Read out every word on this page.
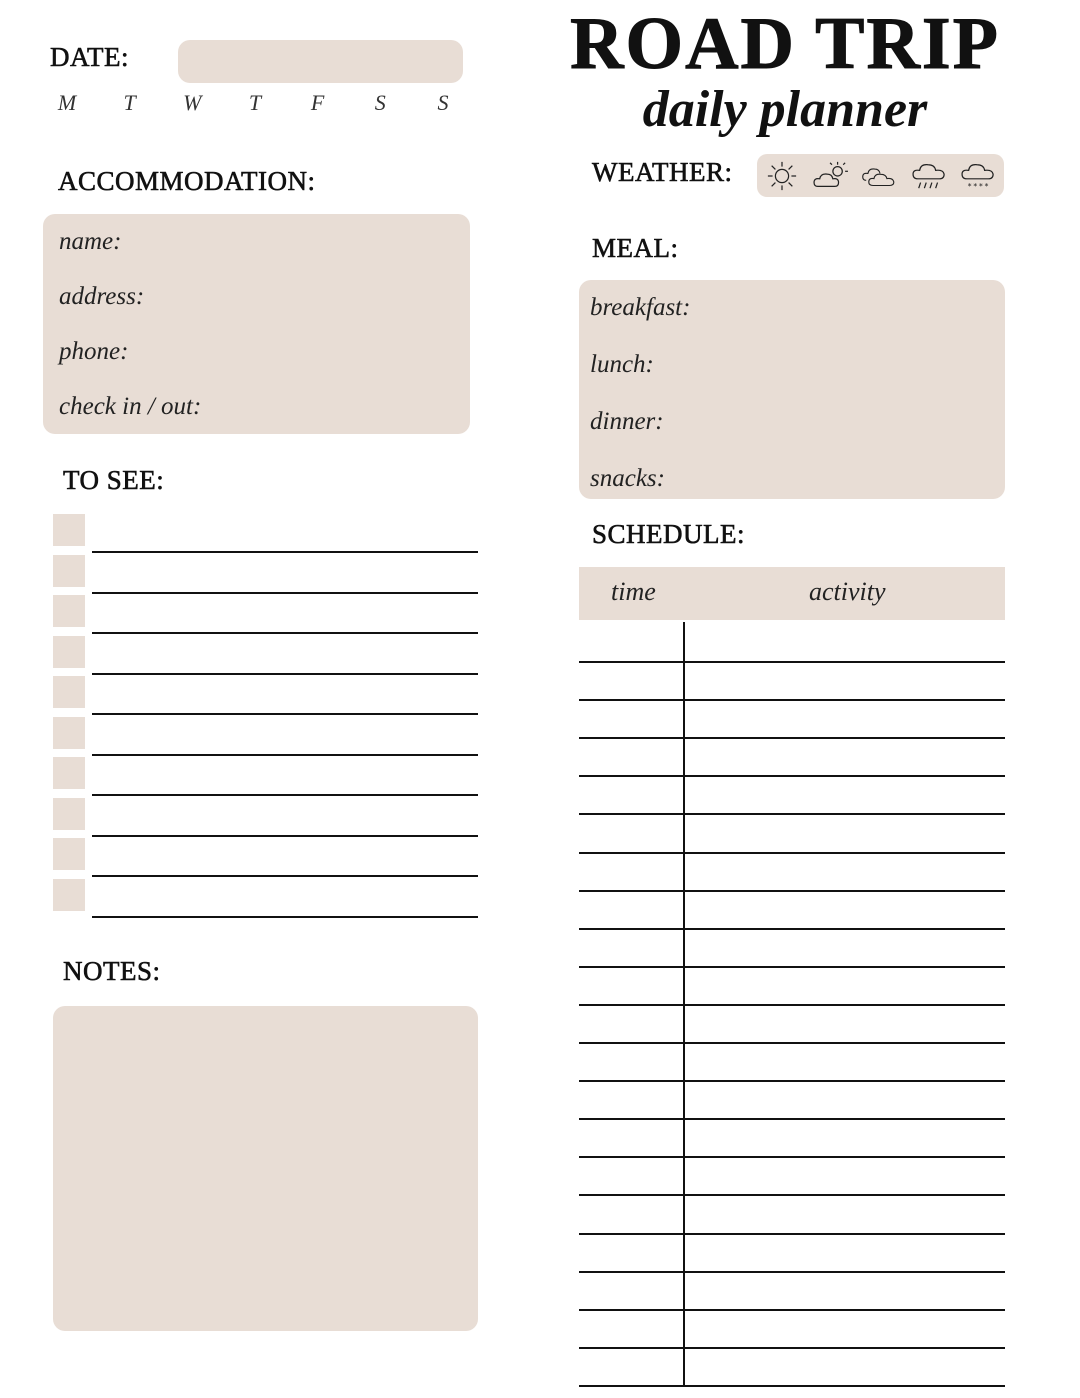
DATE:
M T W T F S S
ACCOMMODATION:
name:
address:
phone:
check in / out:
TO SEE:
NOTES:
ROAD TRIP
daily planner
WEATHER:	* * * *
MEAL:
breakfast:
lunch:
dinner:
snacks:
SCHEDULE:
time	activity
